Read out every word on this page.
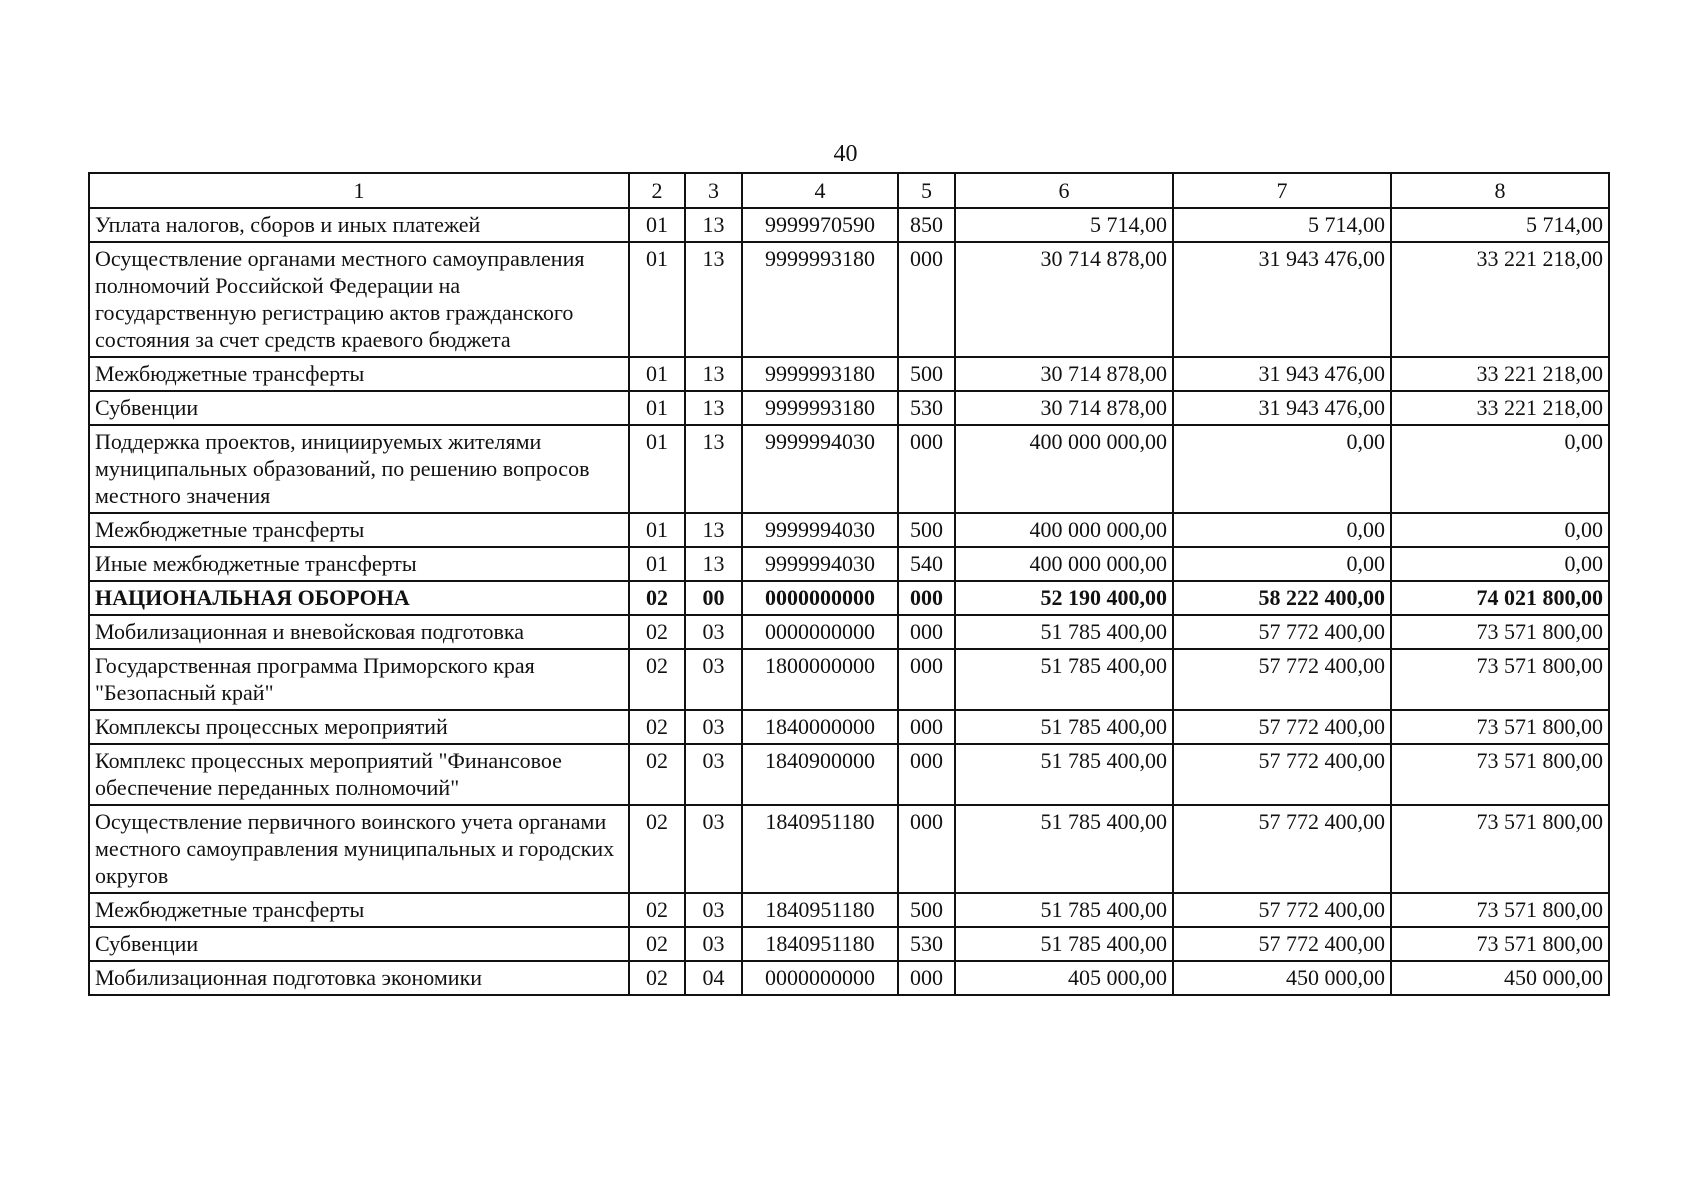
40
1	2	3	4	5	6	7	8
Уплата налогов, сборов и иных платежей	01	13	9999970590	850	5 714,00	5 714,00	5 714,00
Осуществление органами местного самоуправления полномочий Российской Федерации на государственную регистрацию актов гражданского состояния за счет средств краевого бюджета	01	13	9999993180	000	30 714 878,00	31 943 476,00	33 221 218,00
Межбюджетные трансферты	01	13	9999993180	500	30 714 878,00	31 943 476,00	33 221 218,00
Субвенции	01	13	9999993180	530	30 714 878,00	31 943 476,00	33 221 218,00
Поддержка проектов, инициируемых жителями муниципальных образований, по решению вопросов местного значения	01	13	9999994030	000	400 000 000,00	0,00	0,00
Межбюджетные трансферты	01	13	9999994030	500	400 000 000,00	0,00	0,00
Иные межбюджетные трансферты	01	13	9999994030	540	400 000 000,00	0,00	0,00
НАЦИОНАЛЬНАЯ ОБОРОНА	02	00	0000000000	000	52 190 400,00	58 222 400,00	74 021 800,00
Мобилизационная и вневойсковая подготовка	02	03	0000000000	000	51 785 400,00	57 772 400,00	73 571 800,00
Государственная программа Приморского края "Безопасный край"	02	03	1800000000	000	51 785 400,00	57 772 400,00	73 571 800,00
Комплексы процессных мероприятий	02	03	1840000000	000	51 785 400,00	57 772 400,00	73 571 800,00
Комплекс процессных мероприятий "Финансовое обеспечение переданных полномочий"	02	03	1840900000	000	51 785 400,00	57 772 400,00	73 571 800,00
Осуществление первичного воинского учета органами местного самоуправления муниципальных и городских округов	02	03	1840951180	000	51 785 400,00	57 772 400,00	73 571 800,00
Межбюджетные трансферты	02	03	1840951180	500	51 785 400,00	57 772 400,00	73 571 800,00
Субвенции	02	03	1840951180	530	51 785 400,00	57 772 400,00	73 571 800,00
Мобилизационная подготовка экономики	02	04	0000000000	000	405 000,00	450 000,00	450 000,00
